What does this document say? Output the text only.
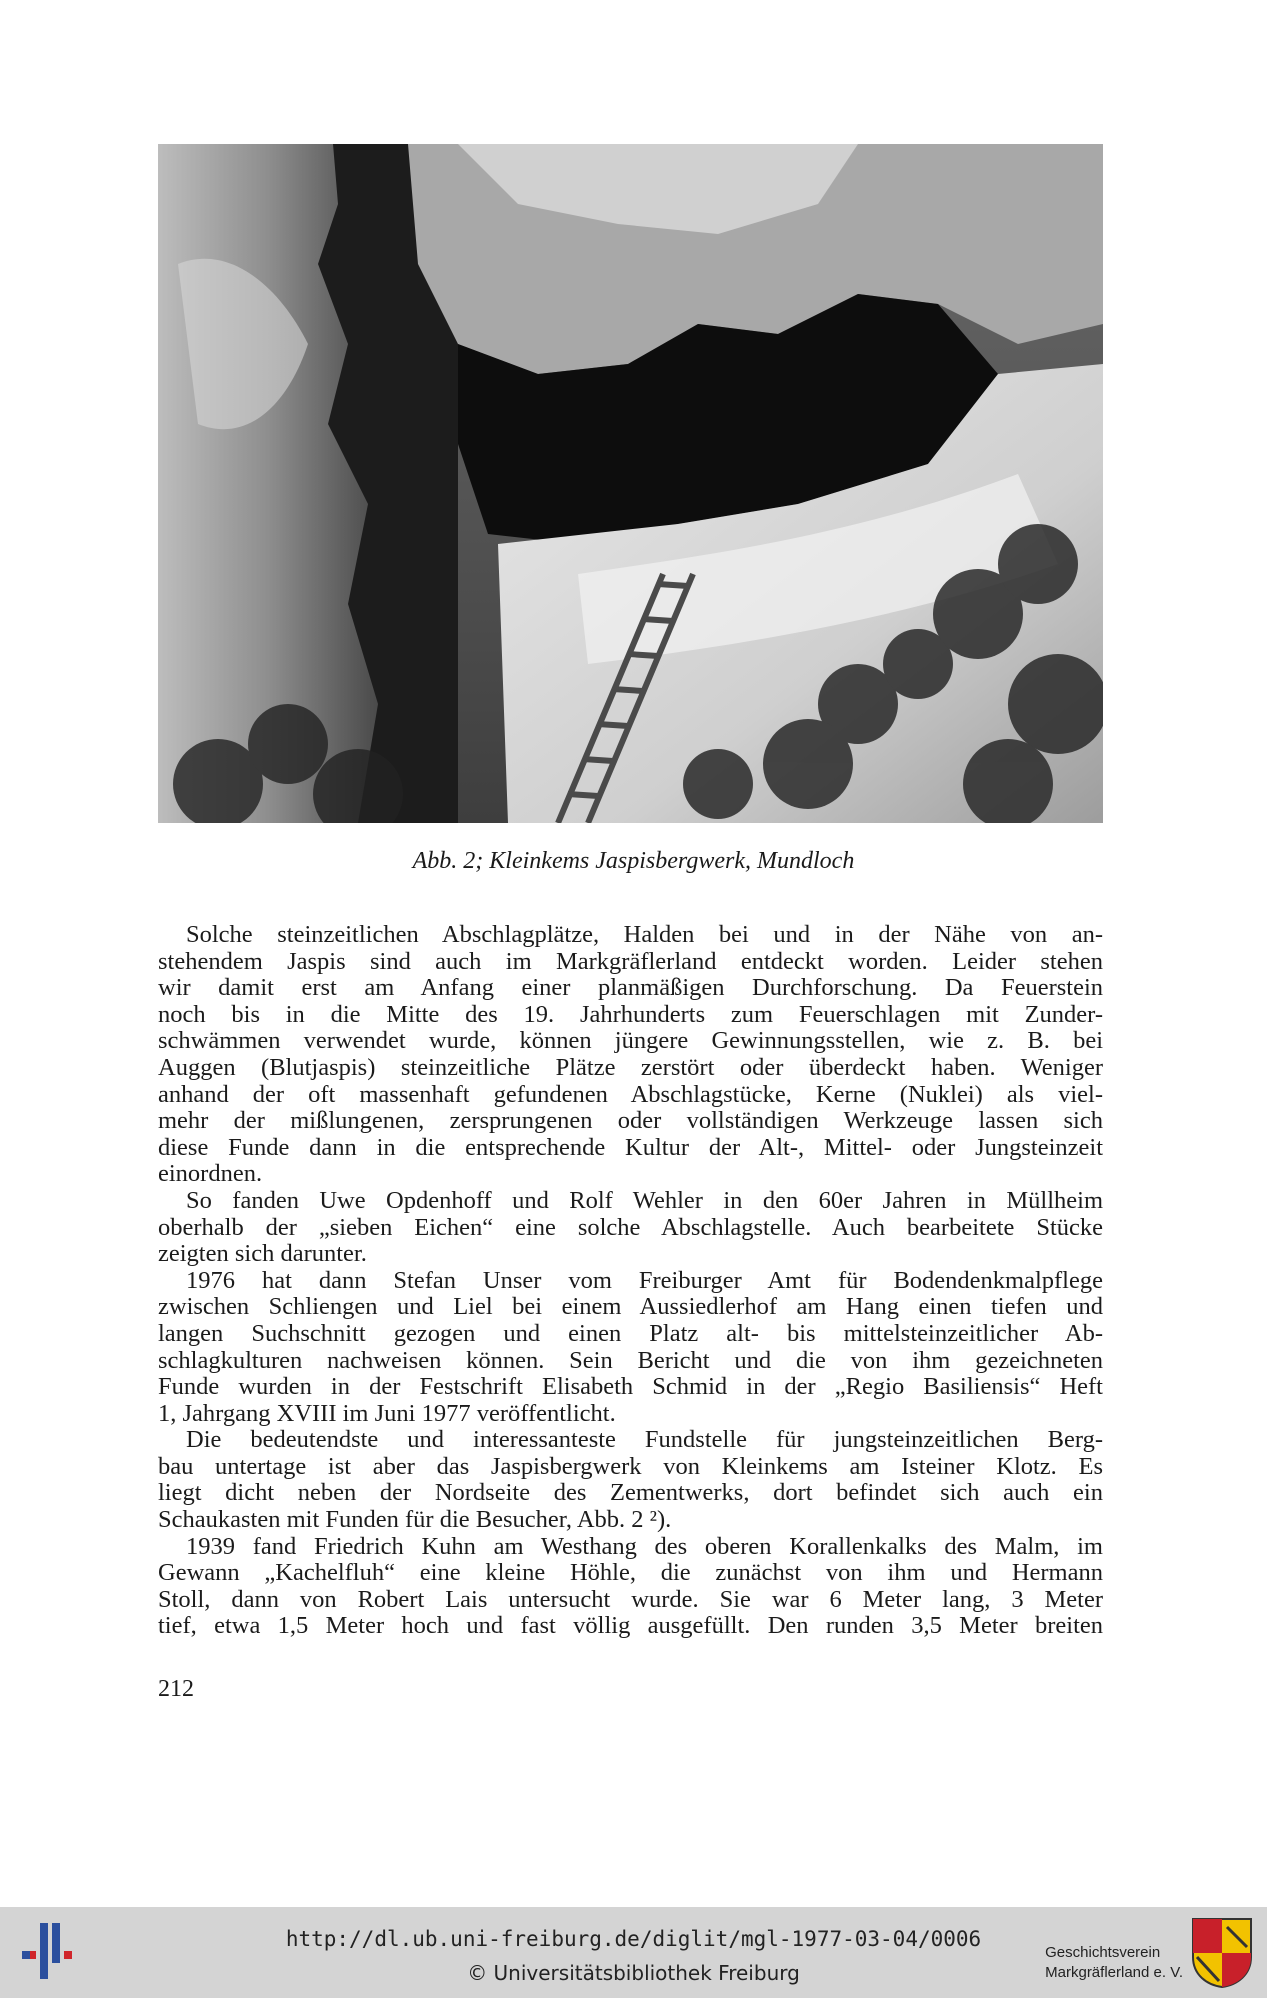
Abb. 2; Kleinkems Jaspisbergwerk, Mundloch
Solche steinzeitlichen Abschlagplätze, Halden bei und in der Nähe von an-
stehendem Jaspis sind auch im Markgräflerland entdeckt worden. Leider stehen
wir damit erst am Anfang einer planmäßigen Durchforschung. Da Feuerstein
noch bis in die Mitte des 19. Jahrhunderts zum Feuerschlagen mit Zunder-
schwämmen verwendet wurde, können jüngere Gewinnungsstellen, wie z. B. bei
Auggen (Blutjaspis) steinzeitliche Plätze zerstört oder überdeckt haben. Weniger
anhand der oft massenhaft gefundenen Abschlagstücke, Kerne (Nuklei) als viel-
mehr der mißlungenen, zersprungenen oder vollständigen Werkzeuge lassen sich
diese Funde dann in die entsprechende Kultur der Alt-, Mittel- oder Jungsteinzeit
einordnen.
So fanden Uwe Opdenhoff und Rolf Wehler in den 60er Jahren in Müllheim
oberhalb der „sieben Eichen“ eine solche Abschlagstelle. Auch bearbeitete Stücke
zeigten sich darunter.
1976 hat dann Stefan Unser vom Freiburger Amt für Bodendenkmalpflege
zwischen Schliengen und Liel bei einem Aussiedlerhof am Hang einen tiefen und
langen Suchschnitt gezogen und einen Platz alt- bis mittelsteinzeitlicher Ab-
schlagkulturen nachweisen können. Sein Bericht und die von ihm gezeichneten
Funde wurden in der Festschrift Elisabeth Schmid in der „Regio Basiliensis“ Heft
1, Jahrgang XVIII im Juni 1977 veröffentlicht.
Die bedeutendste und interessanteste Fundstelle für jungsteinzeitlichen Berg-
bau untertage ist aber das Jaspisbergwerk von Kleinkems am Isteiner Klotz. Es
liegt dicht neben der Nordseite des Zementwerks, dort befindet sich auch ein
Schaukasten mit Funden für die Besucher, Abb. 2 ²).
1939 fand Friedrich Kuhn am Westhang des oberen Korallenkalks des Malm, im
Gewann „Kachelfluh“ eine kleine Höhle, die zunächst von ihm und Hermann
Stoll, dann von Robert Lais untersucht wurde. Sie war 6 Meter lang, 3 Meter
tief, etwa 1,5 Meter hoch und fast völlig ausgefüllt. Den runden 3,5 Meter breiten
212
http://dl.ub.uni-freiburg.de/diglit/mgl-1977-03-04/0006
© Universitätsbibliothek Freiburg
Geschichtsverein
Markgräflerland e. V.
